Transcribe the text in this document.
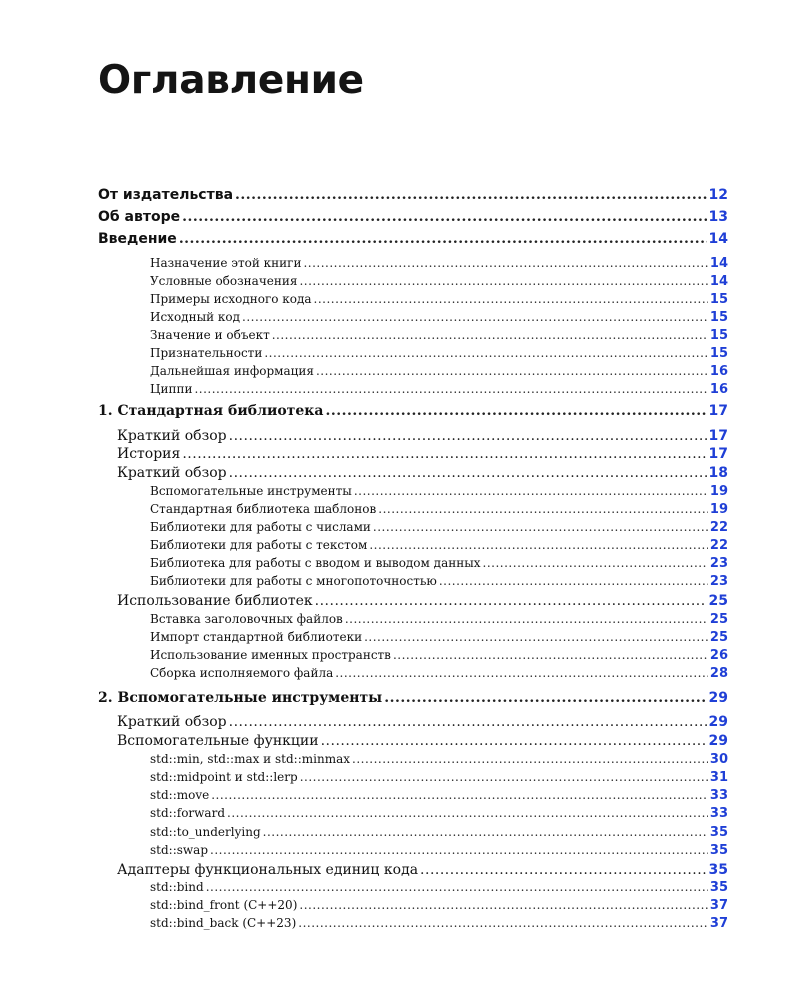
Оглавление
От издательства .....	12
Об авторе .....	13
Введение .....	14
Назначение этой книги .....	14
Условные обозначения .....	14
Примеры исходного кода .....	15
Исходный код .....	15
Значение и объект .....	15
Признательности .....	15
Дальнейшая информация .....	16
Циппи .....	16
1. Стандартная библиотека .....	17
Краткий обзор .....	17
История .....	17
Краткий обзор .....	18
Вспомогательные инструменты .....	19
Стандартная библиотека шаблонов .....	19
Библиотеки для работы с числами .....	22
Библиотеки для работы с текстом .....	22
Библиотека для работы с вводом и выводом данных .....	23
Библиотеки для работы с многопоточностью .....	23
Использование библиотек .....	25
Вставка заголовочных файлов .....	25
Импорт стандартной библиотеки .....	25
Использование именных пространств .....	26
Сборка исполняемого файла .....	28
2. Вспомогательные инструменты .....	29
Краткий обзор .....	29
Вспомогательные функции .....	29
std::min, std::max и std::minmax .....	30
std::midpoint и std::lerp .....	31
std::move .....	33
std::forward .....	33
std::to_underlying .....	35
std::swap .....	35
Адаптеры функциональных единиц кода .....	35
std::bind .....	35
std::bind_front (C++20) .....	37
std::bind_back (C++23) .....	37
